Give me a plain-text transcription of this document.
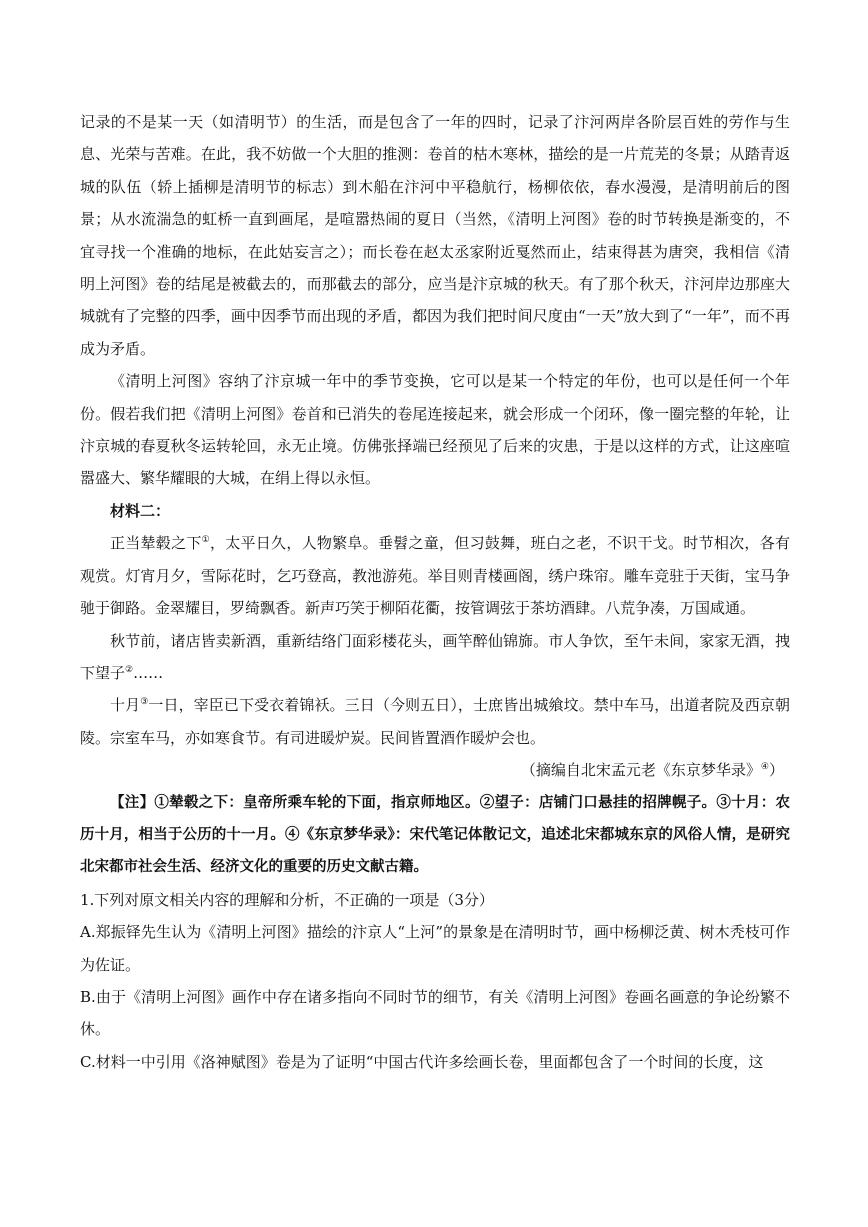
记录的不是某一天（如清明节）的生活，而是包含了一年的四时，记录了汴河两岸各阶层百姓的劳作与生息、光荣与苦难。在此，我不妨做一个大胆的推测：卷首的枯木寒林，描绘的是一片荒芜的冬景；从踏青返城的队伍（轿上插柳是清明节的标志）到木船在汴河中平稳航行，杨柳依依，春水漫漫，是清明前后的图景；从水流湍急的虹桥一直到画尾，是喧嚣热闹的夏日（当然，《清明上河图》卷的时节转换是渐变的，不宜寻找一个准确的地标，在此姑妄言之）；而长卷在赵太丞家附近戛然而止，结束得甚为唐突，我相信《清明上河图》卷的结尾是被截去的，而那截去的部分，应当是汴京城的秋天。有了那个秋天，汴河岸边那座大城就有了完整的四季，画中因季节而出现的矛盾，都因为我们把时间尺度由“一天”放大到了“一年”，而不再成为矛盾。

《清明上河图》容纳了汴京城一年中的季节变换，它可以是某一个特定的年份，也可以是任何一个年份。假若我们把《清明上河图》卷首和已消失的卷尾连接起来，就会形成一个闭环，像一圈完整的年轮，让汴京城的春夏秋冬运转轮回，永无止境。仿佛张择端已经预见了后来的灾患，于是以这样的方式，让这座喧嚣盛大、繁华耀眼的大城，在绢上得以永恒。

材料二：

正当辇毂之下①，太平日久，人物繁阜。垂髫之童，但习鼓舞，班白之老，不识干戈。时节相次，各有观赏。灯宵月夕，雪际花时，乞巧登高，教池游苑。举目则青楼画阁，绣户珠帘。雕车竞驻于天街，宝马争驰于御路。金翠耀目，罗绮飘香。新声巧笑于柳陌花衢，按管调弦于茶坊酒肆。八荒争凑，万国咸通。

秋节前，诸店皆卖新酒，重新结络门面彩楼花头，画竿醉仙锦旆。市人争饮，至午未间，家家无酒，拽下望子②……

十月③一日，宰臣已下受衣着锦袄。三日（今则五日），士庶皆出城飨坟。禁中车马，出道者院及西京朝陵。宗室车马，亦如寒食节。有司进暖炉炭。民间皆置酒作暖炉会也。

（摘编自北宋孟元老《东京梦华录》④）

【注】①辇毂之下：皇帝所乘车轮的下面，指京师地区。②望子：店铺门口悬挂的招牌幌子。③十月：农历十月，相当于公历的十一月。④《东京梦华录》：宋代笔记体散记文，追述北宋都城东京的风俗人情，是研究北宋都市社会生活、经济文化的重要的历史文献古籍。

1.下列对原文相关内容的理解和分析，不正确的一项是（3分）

A.郑振铎先生认为《清明上河图》描绘的汴京人“上河”的景象是在清明时节，画中杨柳泛黄、树木秃枝可作为佐证。

B.由于《清明上河图》画作中存在诸多指向不同时节的细节，有关《清明上河图》卷画名画意的争论纷繁不休。

C.材料一中引用《洛神赋图》卷是为了证明“中国古代许多绘画长卷，里面都包含了一个时间的长度，这
